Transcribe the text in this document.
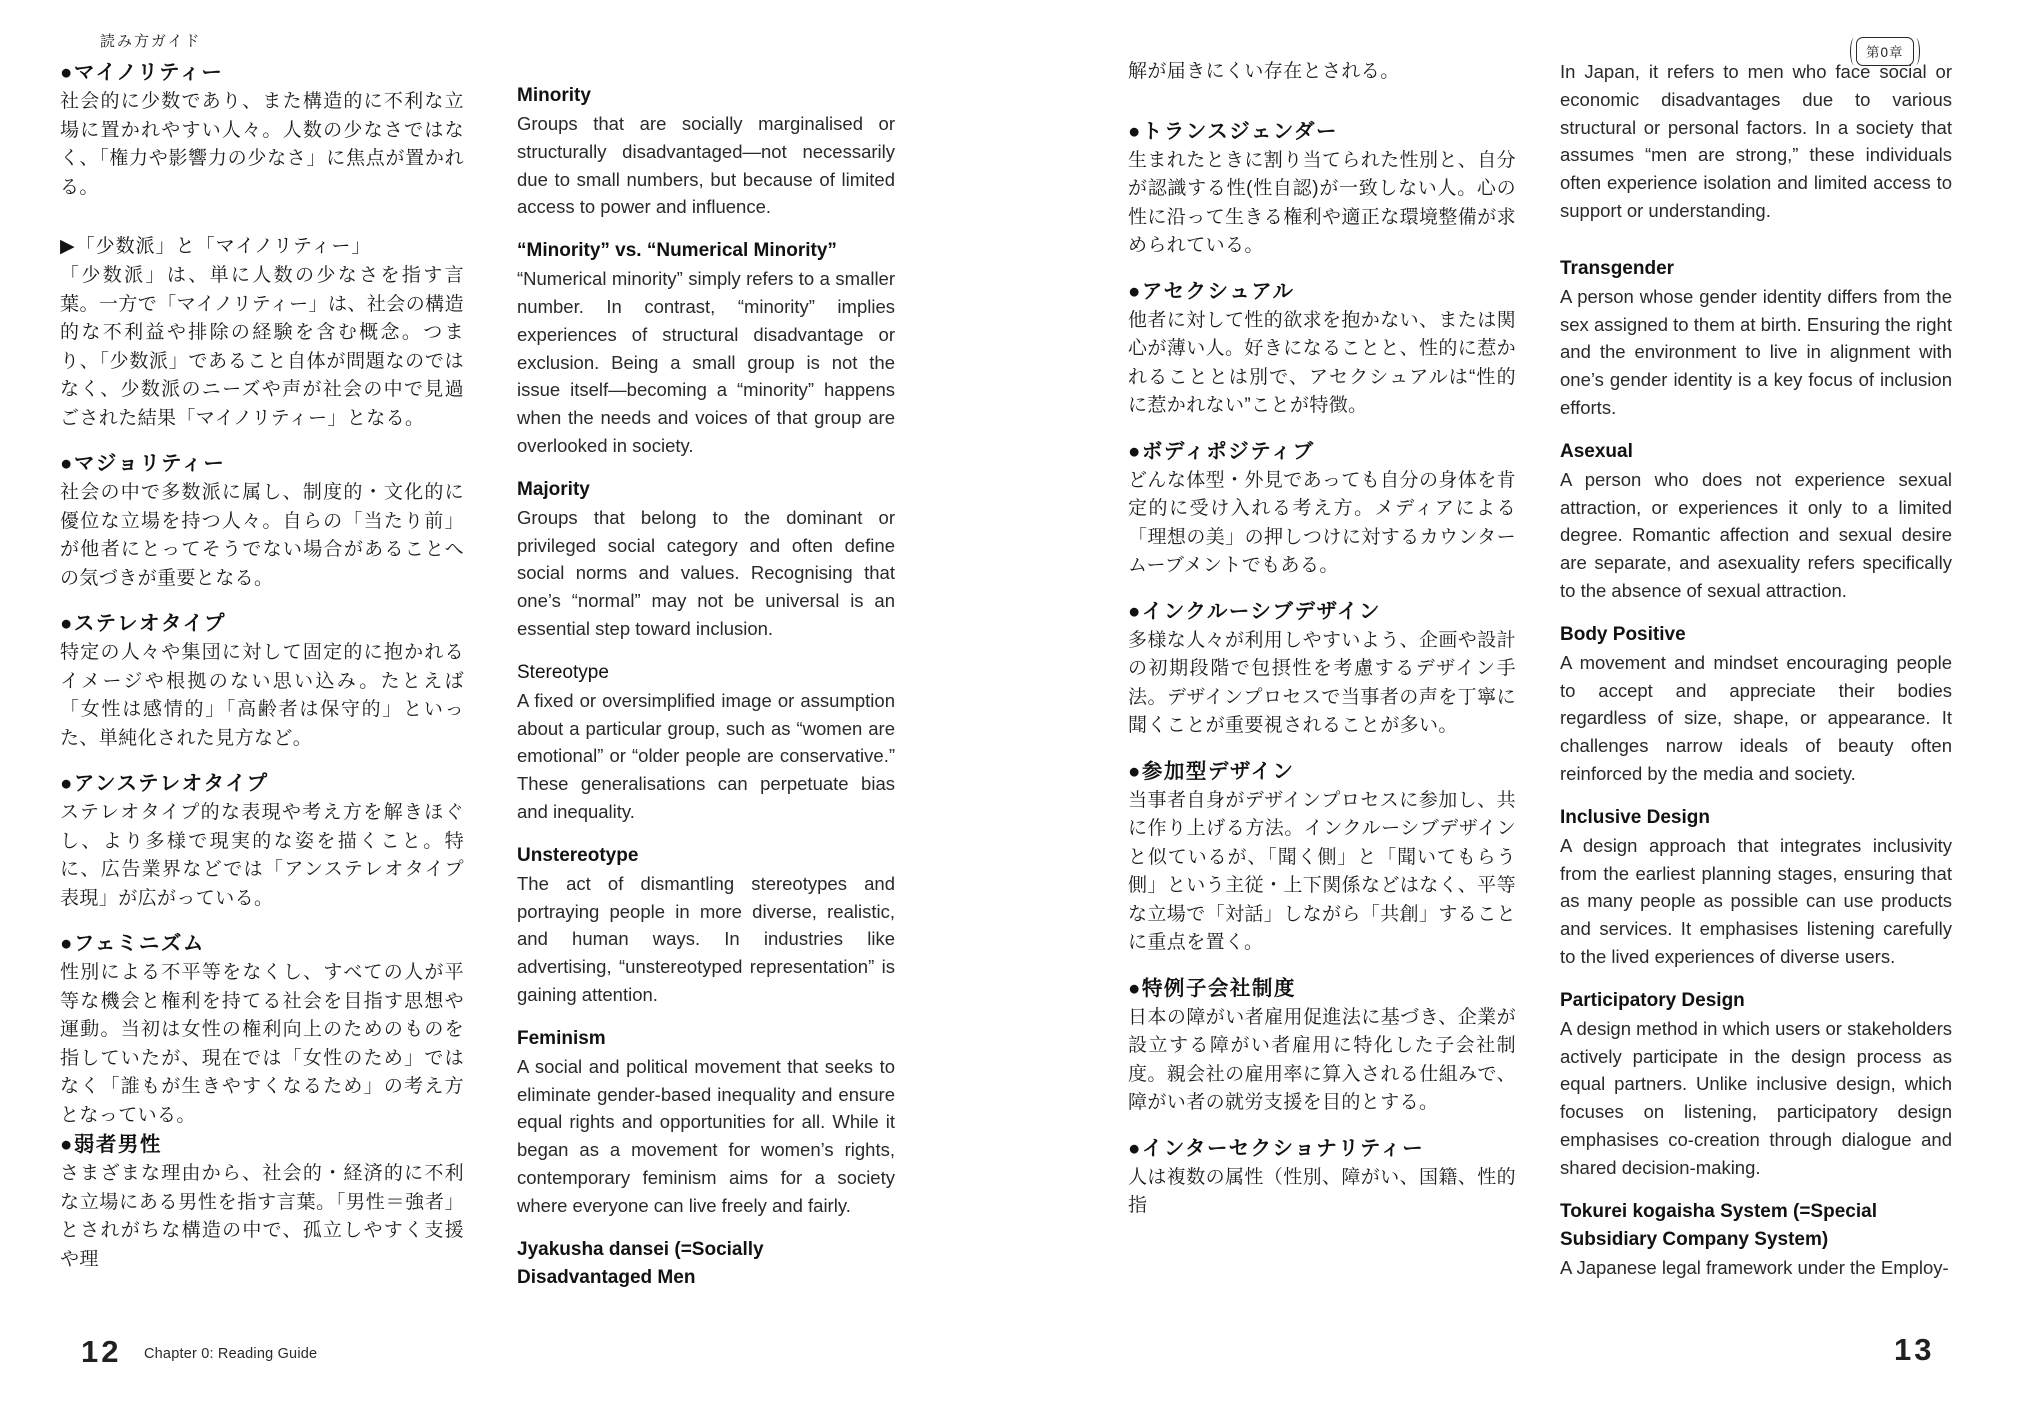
読み方ガイド
第0章
●マイノリティー

社会的に少数であり、また構造的に不利な立場に置かれやすい人々。人数の少なさではなく、「権力や影響力の少なさ」に焦点が置かれる。

▶「少数派」と「マイノリティー」

「少数派」は、単に人数の少なさを指す言葉。一方で「マイノリティー」は、社会の構造的な不利益や排除の経験を含む概念。つまり、「少数派」であること自体が問題なのではなく、少数派のニーズや声が社会の中で見過ごされた結果「マイノリティー」となる。

●マジョリティー

社会の中で多数派に属し、制度的・文化的に優位な立場を持つ人々。自らの「当たり前」が他者にとってそうでない場合があることへの気づきが重要となる。

●ステレオタイプ

特定の人々や集団に対して固定的に抱かれるイメージや根拠のない思い込み。たとえば「女性は感情的」「高齢者は保守的」といった、単純化された見方など。

●アンステレオタイプ

ステレオタイプ的な表現や考え方を解きほぐし、より多様で現実的な姿を描くこと。特に、広告業界などでは「アンステレオタイプ表現」が広がっている。

●フェミニズム

性別による不平等をなくし、すべての人が平等な機会と権利を持てる社会を目指す思想や運動。当初は女性の権利向上のためのものを指していたが、現在では「女性のため」ではなく「誰もが生きやすくなるため」の考え方となっている。

●弱者男性

さまざまな理由から、社会的・経済的に不利な立場にある男性を指す言葉。「男性＝強者」とされがちな構造の中で、孤立しやすく支援や理

Minority

Groups that are socially marginalised or structurally disadvantaged—not necessarily due to small numbers, but because of limited access to power and influence.

“Minority” vs. “Numerical Minority”

“Numerical minority” simply refers to a smaller number. In contrast, “minority” implies experiences of structural disadvantage or exclusion. Being a small group is not the issue itself—becoming a “minority” happens when the needs and voices of that group are overlooked in society.

Majority

Groups that belong to the dominant or privileged social category and often define social norms and values. Recognising that one’s “normal” may not be universal is an essential step toward inclusion.

Stereotype

A fixed or oversimplified image or assumption about a particular group, such as “women are emotional” or “older people are conservative.” These generalisations can perpetuate bias and inequality.

Unstereotype

The act of dismantling stereotypes and portraying people in more diverse, realistic, and human ways. In industries like advertising, “unstereotyped representation” is gaining attention.

Feminism

A social and political movement that seeks to eliminate gender-based inequality and ensure equal rights and opportunities for all. While it began as a movement for women’s rights, contemporary feminism aims for a society where everyone can live freely and fairly.

Jyakusha dansei (=Socially Disadvantaged Men

解が届きにくい存在とされる。

●トランスジェンダー

生まれたときに割り当てられた性別と、自分が認識する性(性自認)が一致しない人。心の性に沿って生きる権利や適正な環境整備が求められている。

●アセクシュアル

他者に対して性的欲求を抱かない、または関心が薄い人。好きになることと、性的に惹かれることとは別で、アセクシュアルは“性的に惹かれない”ことが特徴。

●ボディポジティブ

どんな体型・外見であっても自分の身体を肯定的に受け入れる考え方。メディアによる「理想の美」の押しつけに対するカウンタームーブメントでもある。

●インクルーシブデザイン

多様な人々が利用しやすいよう、企画や設計の初期段階で包摂性を考慮するデザイン手法。デザインプロセスで当事者の声を丁寧に聞くことが重要視されることが多い。

●参加型デザイン

当事者自身がデザインプロセスに参加し、共に作り上げる方法。インクルーシブデザインと似ているが、「聞く側」と「聞いてもらう側」という主従・上下関係などはなく、平等な立場で「対話」しながら「共創」することに重点を置く。

●特例子会社制度

日本の障がい者雇用促進法に基づき、企業が設立する障がい者雇用に特化した子会社制度。親会社の雇用率に算入される仕組みで、障がい者の就労支援を目的とする。

●インターセクショナリティー

人は複数の属性（性別、障がい、国籍、性的指

In Japan, it refers to men who face social or economic disadvantages due to various structural or personal factors. In a society that assumes “men are strong,” these individuals often experience isolation and limited access to support or understanding.

Transgender

A person whose gender identity differs from the sex assigned to them at birth. Ensuring the right and the environment to live in alignment with one’s gender identity is a key focus of inclusion efforts.

Asexual

A person who does not experience sexual attraction, or experiences it only to a limited degree. Romantic affection and sexual desire are separate, and asexuality refers specifically to the absence of sexual attraction.

Body Positive

A movement and mindset encouraging people to accept and appreciate their bodies regardless of size, shape, or appearance. It challenges narrow ideals of beauty often reinforced by the media and society.

Inclusive Design

A design approach that integrates inclusivity from the earliest planning stages, ensuring that as many people as possible can use products and services. It emphasises listening carefully to the lived experiences of diverse users.

Participatory Design

A design method in which users or stakeholders actively participate in the design process as equal partners. Unlike inclusive design, which focuses on listening, participatory design emphasises co-creation through dialogue and shared decision-making.

Tokurei kogaisha System (=Special Subsidiary Company System)

A Japanese legal framework under the Employ-

12 Chapter 0: Reading Guide	13
